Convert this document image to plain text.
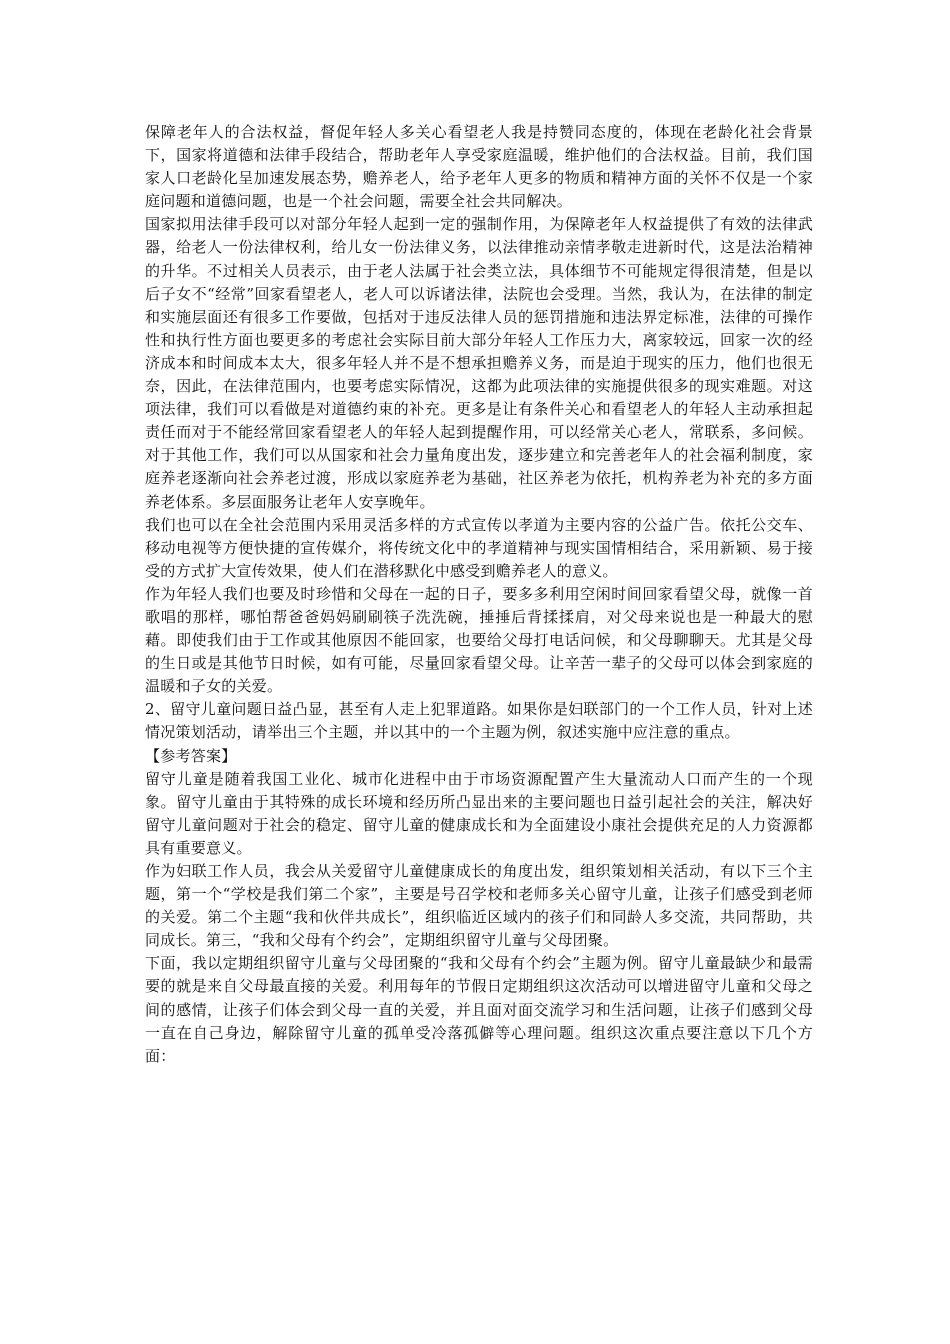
保障老年人的合法权益，督促年轻人多关心看望老人我是持赞同态度的，体现在老龄化社会背景下，国家将道德和法律手段结合，帮助老年人享受家庭温暖，维护他们的合法权益。目前，我们国家人口老龄化呈加速发展态势，赡养老人，给予老年人更多的物质和精神方面的关怀不仅是一个家庭问题和道德问题，也是一个社会问题，需要全社会共同解决。

国家拟用法律手段可以对部分年轻人起到一定的强制作用，为保障老年人权益提供了有效的法律武器，给老人一份法律权利，给儿女一份法律义务，以法律推动亲情孝敬走进新时代，这是法治精神的升华。不过相关人员表示，由于老人法属于社会类立法，具体细节不可能规定得很清楚，但是以后子女不“经常”回家看望老人，老人可以诉诸法律，法院也会受理。当然，我认为，在法律的制定和实施层面还有很多工作要做，包括对于违反法律人员的惩罚措施和违法界定标准，法律的可操作性和执行性方面也要更多的考虑社会实际目前大部分年轻人工作压力大，离家较远，回家一次的经济成本和时间成本太大，很多年轻人并不是不想承担赡养义务，而是迫于现实的压力，他们也很无奈，因此，在法律范围内，也要考虑实际情况，这都为此项法律的实施提供很多的现实难题。对这项法律，我们可以看做是对道德约束的补充。更多是让有条件关心和看望老人的年轻人主动承担起责任而对于不能经常回家看望老人的年轻人起到提醒作用，可以经常关心老人，常联系，多问候。对于其他工作，我们可以从国家和社会力量角度出发，逐步建立和完善老年人的社会福利制度，家庭养老逐渐向社会养老过渡，形成以家庭养老为基础，社区养老为依托，机构养老为补充的多方面养老体系。多层面服务让老年人安享晚年。

我们也可以在全社会范围内采用灵活多样的方式宣传以孝道为主要内容的公益广告。依托公交车、移动电视等方便快捷的宣传媒介，将传统文化中的孝道精神与现实国情相结合，采用新颖、易于接受的方式扩大宣传效果，使人们在潜移默化中感受到赡养老人的意义。

作为年轻人我们也要及时珍惜和父母在一起的日子，要多多利用空闲时间回家看望父母，就像一首歌唱的那样，哪怕帮爸爸妈妈刷刷筷子洗洗碗，捶捶后背揉揉肩，对父母来说也是一种最大的慰藉。即使我们由于工作或其他原因不能回家，也要给父母打电话问候，和父母聊聊天。尤其是父母的生日或是其他节日时候，如有可能，尽量回家看望父母。让辛苦一辈子的父母可以体会到家庭的温暖和子女的关爱。

2、留守儿童问题日益凸显，甚至有人走上犯罪道路。如果你是妇联部门的一个工作人员，针对上述情况策划活动，请举出三个主题，并以其中的一个主题为例，叙述实施中应注意的重点。

【参考答案】

留守儿童是随着我国工业化、城市化进程中由于市场资源配置产生大量流动人口而产生的一个现象。留守儿童由于其特殊的成长环境和经历所凸显出来的主要问题也日益引起社会的关注，解决好留守儿童问题对于社会的稳定、留守儿童的健康成长和为全面建设小康社会提供充足的人力资源都具有重要意义。

作为妇联工作人员，我会从关爱留守儿童健康成长的角度出发，组织策划相关活动，有以下三个主题，第一个“学校是我们第二个家”，主要是号召学校和老师多关心留守儿童，让孩子们感受到老师的关爱。第二个主题“我和伙伴共成长”，组织临近区域内的孩子们和同龄人多交流，共同帮助，共同成长。第三，“我和父母有个约会”，定期组织留守儿童与父母团聚。

下面，我以定期组织留守儿童与父母团聚的“我和父母有个约会”主题为例。留守儿童最缺少和最需要的就是来自父母最直接的关爱。利用每年的节假日定期组织这次活动可以增进留守儿童和父母之间的感情，让孩子们体会到父母一直的关爱，并且面对面交流学习和生活问题，让孩子们感到父母一直在自己身边，解除留守儿童的孤单受冷落孤僻等心理问题。组织这次重点要注意以下几个方面：
